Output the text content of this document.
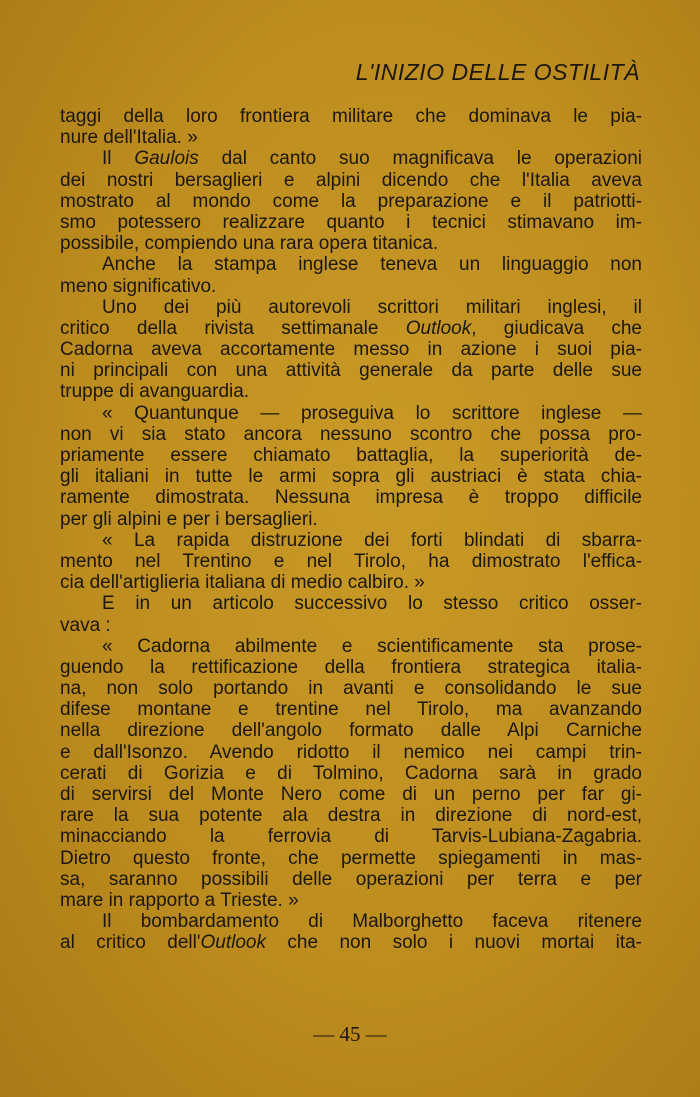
L'INIZIO DELLE OSTILITÀ
taggi della loro frontiera militare che dominava le pia-
nure dell'Italia. »
Il Gaulois dal canto suo magnificava le operazioni
dei nostri bersaglieri e alpini dicendo che l'Italia aveva
mostrato al mondo come la preparazione e il patriotti-
smo potessero realizzare quanto i tecnici stimavano im-
possibile, compiendo una rara opera titanica.
Anche la stampa inglese teneva un linguaggio non
meno significativo.
Uno dei più autorevoli scrittori militari inglesi, il
critico della rivista settimanale Outlook, giudicava che
Cadorna aveva accortamente messo in azione i suoi pia-
ni principali con una attività generale da parte delle sue
truppe di avanguardia.
« Quantunque — proseguiva lo scrittore inglese —
non vi sia stato ancora nessuno scontro che possa pro-
priamente essere chiamato battaglia, la superiorità de-
gli italiani in tutte le armi sopra gli austriaci è stata chia-
ramente dimostrata. Nessuna impresa è troppo difficile
per gli alpini e per i bersaglieri.
« La rapida distruzione dei forti blindati di sbarra-
mento nel Trentino e nel Tirolo, ha dimostrato l'effica-
cia dell'artiglieria italiana di medio calbiro. »
E in un articolo successivo lo stesso critico osser-
vava :
« Cadorna abilmente e scientificamente sta prose-
guendo la rettificazione della frontiera strategica italia-
na, non solo portando in avanti e consolidando le sue
difese montane e trentine nel Tirolo, ma avanzando
nella direzione dell'angolo formato dalle Alpi Carniche
e dall'Isonzo. Avendo ridotto il nemico nei campi trin-
cerati di Gorizia e di Tolmino, Cadorna sarà in grado
di servirsi del Monte Nero come di un perno per far gi-
rare la sua potente ala destra in direzione di nord-est,
minacciando la ferrovia di Tarvis-Lubiana-Zagabria.
Dietro questo fronte, che permette spiegamenti in mas-
sa, saranno possibili delle operazioni per terra e per
mare in rapporto a Trieste. »
Il bombardamento di Malborghetto faceva ritenere
al critico dell'Outlook che non solo i nuovi mortai ita-
— 45 —
